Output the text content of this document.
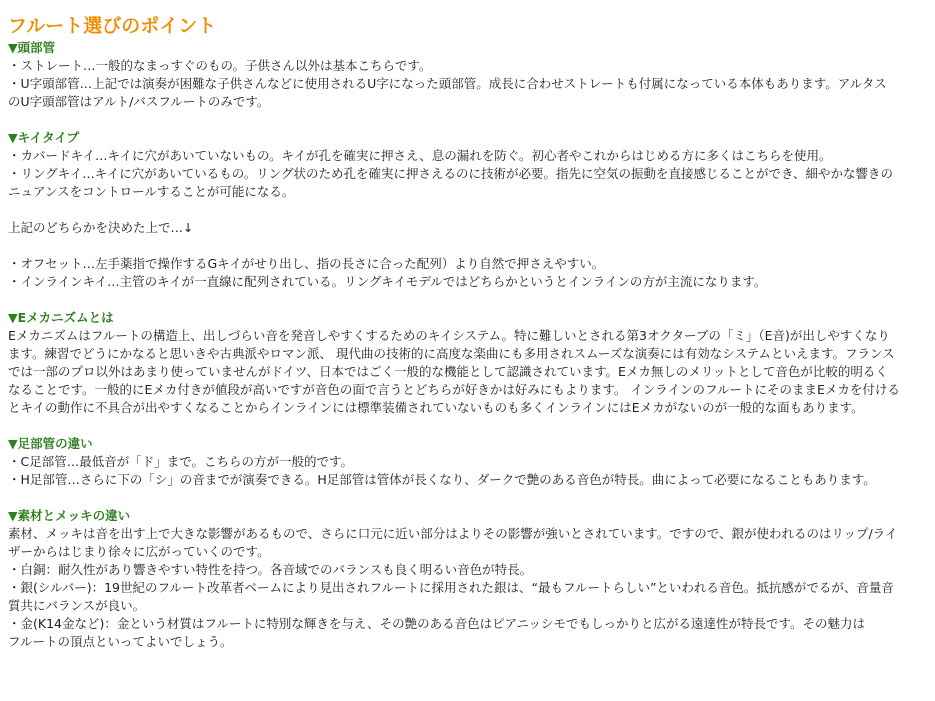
フルート選びのポイント
▼頭部管
・ストレート…一般的なまっすぐのもの。子供さん以外は基本こちらです。
・U字頭部管…上記では演奏が困難な子供さんなどに使用されるU字になった頭部管。成長に合わせストレートも付属になっている本体もあります。アルタス
のU字頭部管はアルト/バスフルートのみです。
▼キイタイプ
・カバードキイ…キイに穴があいていないもの。キイが孔を確実に押さえ、息の漏れを防ぐ。初心者やこれからはじめる方に多くはこちらを使用。
・リングキイ…キイに穴があいているもの。リング状のため孔を確実に押さえるのに技術が必要。指先に空気の振動を直接感じることができ、細やかな響きの
ニュアンスをコントロールすることが可能になる。
上記のどちらかを決めた上で…↓
・オフセット…左手薬指で操作するGキイがせり出し、指の長さに合った配列）より自然で押さえやすい。
・インラインキイ…主管のキイが一直線に配列されている。リングキイモデルではどちらかというとインラインの方が主流になります。
▼Eメカニズムとは
Eメカニズムはフルートの構造上、出しづらい音を発音しやすくするためのキイシステム。特に難しいとされる第3オクターブの「ミ」（E音)が出しやすくなり
ます。練習でどうにかなると思いきや古典派やロマン派、 現代曲の技術的に高度な楽曲にも多用されスムーズな演奏には有効なシステムといえます。フランス
では一部のプロ以外はあまり使っていませんがドイツ、日本ではごく一般的な機能として認識されています。Eメカ無しのメリットとして音色が比較的明るく
なることです。一般的にEメカ付きが値段が高いですが音色の面で言うとどちらが好きかは好みにもよります。 インラインのフルートにそのままEメカを付ける
とキイの動作に不具合が出やすくなることからインラインには標準装備されていないものも多くインラインにはEメカがないのが一般的な面もあります。
▼足部管の違い
・C足部管…最低音が「ド」まで。こちらの方が一般的です。
・H足部管…さらに下の「シ」の音までが演奏できる。H足部管は管体が長くなり、ダークで艶のある音色が特長。曲によって必要になることもあります。
▼素材とメッキの違い
素材、メッキは音を出す上で大きな影響があるもので、さらに口元に近い部分はよりその影響が強いとされています。ですので、銀が使われるのはリップ/ライ
ザーからはじまり徐々に広がっていくのです。
・白銅：耐久性があり響きやすい特性を持つ。各音域でのバランスも良く明るい音色が特長。
・銀(シルバー)：19世紀のフルート改革者ベームにより見出されフルートに採用された銀は、“最もフルートらしい”といわれる音色。抵抗感がでるが、音量音
質共にバランスが良い。
・金(K14金など)：金という材質はフルートに特別な輝きを与え、その艶のある音色はピアニッシモでもしっかりと広がる遠達性が特長です。その魅力は
フルートの頂点といってよいでしょう。
